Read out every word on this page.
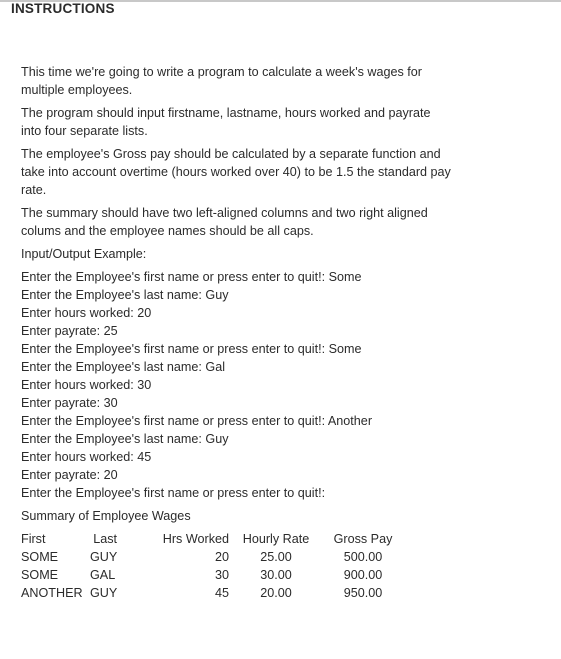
INSTRUCTIONS

This time we're going to write a program to calculate a week's wages for multiple employees.

The program should input firstname, lastname, hours worked and payrate into four separate lists.

The employee's Gross pay should be calculated by a separate function and take into account overtime (hours worked over 40) to be 1.5 the standard pay rate.

The summary should have two left-aligned columns and two right aligned colums and the employee names should be all caps.

Input/Output Example:

Enter the Employee's first name or press enter to quit!: Some
Enter the Employee's last name: Guy
Enter hours worked: 20
Enter payrate: 25
Enter the Employee's first name or press enter to quit!: Some
Enter the Employee's last name: Gal
Enter hours worked: 30
Enter payrate: 30
Enter the Employee's first name or press enter to quit!: Another
Enter the Employee's last name: Guy
Enter hours worked: 45
Enter payrate: 20
Enter the Employee's first name or press enter to quit!:
Summary of Employee Wages
First	Last	Hrs Worked	Hourly Rate	Gross Pay
SOME	GUY	20	25.00	500.00
SOME	GAL	30	30.00	900.00
ANOTHER	GUY	45	20.00	950.00
